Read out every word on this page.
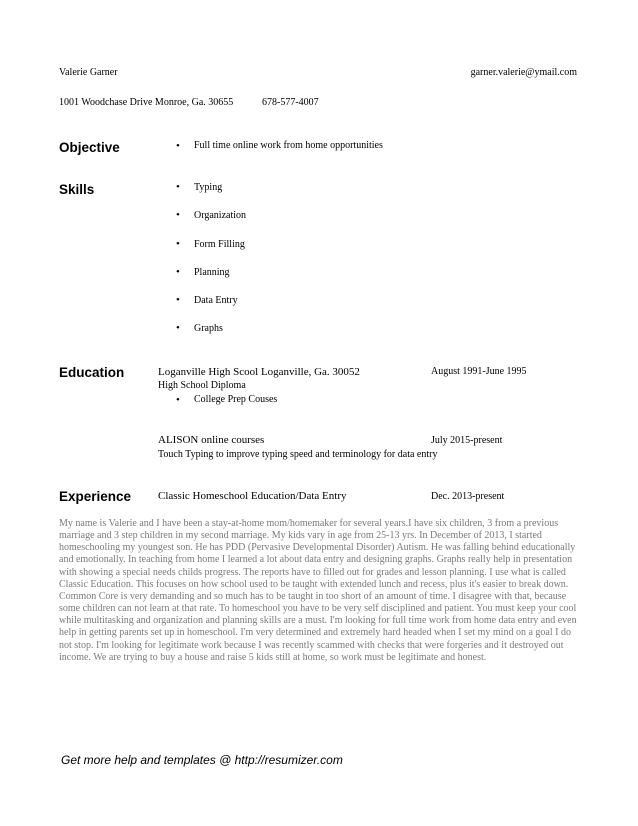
Valerie Garner	garner.valerie@ymail.com
1001 Woodchase Drive Monroe, Ga. 30655	678-577-4007
Objective	• Full time online work from home opportunities
Skills	• Typing
• Organization
• Form Filling
• Planning
• Data Entry
• Graphs
Education	Loganville High Scool Loganville, Ga. 30052	August 1991-June 1995
High School Diploma
• College Prep Couses
ALISON online courses	July 2015-present
Touch Typing to improve typing speed and terminology for data entry
Experience Classic Homeschool Education/Data Entry	Dec. 2013-present
My name is Valerie and I have been a stay-at-home mom/homemaker for several years.I have six children, 3 from a previous marriage and 3 step children in my second marriage. My kids vary in age from 25-13 yrs. In December of 2013, I started homeschooling my youngest son. He has PDD (Pervasive Developmental Disorder) Autism. He was falling behind educationally and emotionally. In teaching from home I learned a lot about data entry and designing graphs. Graphs really help in presentation with showing a special needs childs progress. The reports have to filled out for grades and lesson planning. I use what is called Classic Education. This focuses on how school used to be taught with extended lunch and recess, plus it's easier to break down. Common Core is very demanding and so much has to be taught in too short of an amount of time. I disagree with that, because some children can not learn at that rate. To homeschool you have to be very self disciplined and patient. You must keep your cool while multitasking and organization and planning skills are a must. I'm looking for full time work from home data entry and even help in getting parents set up in homeschool. I'm very determined and extremely hard headed when I set my mind on a goal I do not stop. I'm looking for legitimate work because I was recently scammed with checks that were forgeries and it destroyed out income. We are trying to buy a house and raise 5 kids still at home, so work must be legitimate and honest.
Get more help and templates @ http://resumizer.com
